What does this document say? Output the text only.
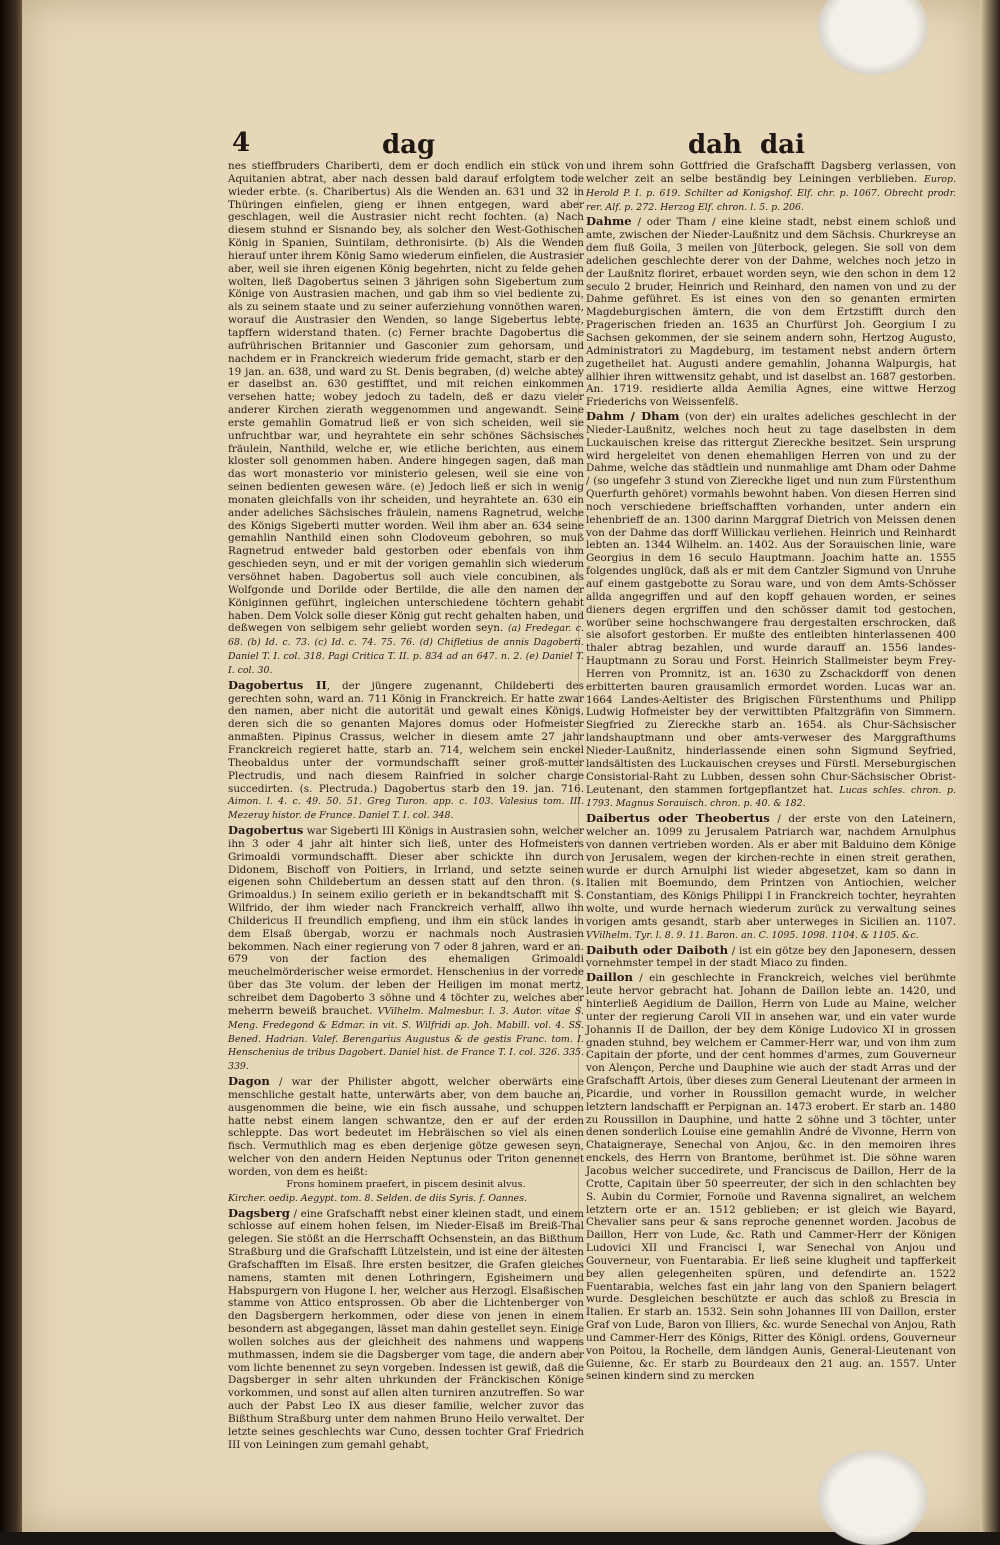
4	dag	dah dai

nes stieffbruders Chariberti, dem er doch endlich ein stück von Aquitanien abtrat, aber nach dessen bald darauf erfolgtem tode wieder erbte. (s. Charibertus) Als die Wenden an. 631 und 32 in Thüringen einfielen, gieng er ihnen entgegen, ward aber geschlagen, weil die Austrasier nicht recht fochten. (a) Nach diesem stuhnd er Sisnando bey, als solcher den West-Gothischen König in Spanien, Suintilam, dethronisirte. (b) Als die Wenden hierauf unter ihrem König Samo wiederum einfielen, die Austrasier aber, weil sie ihren eigenen König begehrten, nicht zu felde gehen wolten, ließ Dagobertus seinen 3 jährigen sohn Sigebertum zum Könige von Austrasien machen, und gab ihm so viel bediente zu, als zu seinem staate und zu seiner auferziehung vonnöthen waren, worauf die Austrasier den Wenden, so lange Sigebertus lebte, tapffern widerstand thaten. (c) Ferner brachte Dagobertus die aufrührischen Britannier und Gasconier zum gehorsam, und nachdem er in Franckreich wiederum fride gemacht, starb er den 19 jan. an. 638, und ward zu St. Denis begraben, (d) welche abtey er daselbst an. 630 gestifftet, und mit reichen einkommen versehen hatte; wobey jedoch zu tadeln, deß er dazu vieler anderer Kirchen zierath weggenommen und angewandt. Seine erste gemahlin Gomatrud ließ er von sich scheiden, weil sie unfruchtbar war, und heyrahtete ein sehr schönes Sächsisches fräulein, Nanthild, welche er, wie etliche berichten, aus einem kloster soll genommen haben. Andere hingegen sagen, daß man das wort monasterio vor ministerio gelesen, weil sie eine von seinen bedienten gewesen wäre. (e) Jedoch ließ er sich in wenig monaten gleichfalls von ihr scheiden, und heyrahtete an. 630 ein ander adeliches Sächsisches fräulein, namens Ragnetrud, welche des Königs Sigeberti mutter worden. Weil ihm aber an. 634 seine gemahlin Nanthild einen sohn Clodoveum gebohren, so muß Ragnetrud entweder bald gestorben oder ebenfals von ihm geschieden seyn, und er mit der vorigen gemahlin sich wiederum versöhnet haben. Dagobertus soll auch viele concubinen, als Wolfgonde und Dorilde oder Bertilde, die alle den namen der Königinnen geführt, ingleichen unterschiedene töchtern gehabt haben. Dem Volck solle dieser König gut recht gehalten haben, und deßwegen von selbigem sehr geliebt worden seyn. (a) Fredegar. c. 68. (b) Id. c. 73. (c) Id. c. 74. 75. 76. (d) Chifletius de annis Dagoberti. Daniel T. I. col. 318. Pagi Critica T. II. p. 834 ad an 647. n. 2. (e) Daniel T. I. col. 30.

Dagobertus II, der jüngere zugenannt, Childeberti des gerechten sohn, ward an. 711 König in Franckreich. Er hatte zwar den namen, aber nicht die autorität und gewalt eines Königs, deren sich die so genanten Majores domus oder Hofmeister anmaßten. Pipinus Crassus, welcher in diesem amte 27 jahr Franckreich regieret hatte, starb an. 714, welchem sein enckel Theobaldus unter der vormundschafft seiner groß-mutter Plectrudis, und nach diesem Rainfried in solcher charge succedirten. (s. Plectruda.) Dagobertus starb den 19. jan. 716. Aimon. l. 4. c. 49. 50. 51. Greg Turon. app. c. 103. Valesius tom. III. Mezeray histor. de France. Daniel T. I. col. 348.

Dagobertus war Sigeberti III Königs in Austrasien sohn, welcher ihn 3 oder 4 jahr alt hinter sich ließ, unter des Hofmeisters Grimoaldi vormundschafft. Dieser aber schickte ihn durch Didonem, Bischoff von Poitiers, in Irrland, und setzte seinen eigenen sohn Childebertum an dessen statt auf den thron. (s. Grimoaldus.) In seinem exilio gerieth er in bekandtschafft mit S. Wilfrido, der ihm wieder nach Franckreich verhalff, allwo ihn Childericus II freundlich empfieng, und ihm ein stück landes in dem Elsaß übergab, worzu er nachmals noch Austrasien bekommen. Nach einer regierung von 7 oder 8 jahren, ward er an. 679 von der faction des ehemaligen Grimoaldi meuchelmörderischer weise ermordet. Henschenius in der vorrede über das 3te volum. der leben der Heiligen im monat mertz, schreibet dem Dagoberto 3 söhne und 4 töchter zu, welches aber meherrn beweiß brauchet. VVilhelm. Malmesbur. l. 3. Autor. vitae S. Meng. Fredegond & Edmar. in vit. S. Wilfridi ap. Joh. Mabill. vol. 4. SS. Bened. Hadrian. Valef. Berengarius Augustus & de gestis Franc. tom. I. Henschenius de tribus Dagobert. Daniel hist. de France T. I. col. 326. 335. 339.

Dagon / war der Philister abgott, welcher oberwärts eine menschliche gestalt hatte, unterwärts aber, von dem bauche an, ausgenommen die beine, wie ein fisch aussahe, und schuppen hatte nebst einem langen schwantze, den er auf der erden schleppte. Das wort bedeutet im Hebräischen so viel als einen fisch. Vermuthlich mag es eben derjenige götze gewesen seyn, welcher von den andern Heiden Neptunus oder Triton genennet worden, von dem es heißt:
Frons hominem praefert, in piscem desinit alvus.
Kircher. oedip. Aegypt. tom. 8. Selden. de diis Syris. f. Oannes.

Dagsberg / eine Grafschafft nebst einer kleinen stadt, und einem schlosse auf einem hohen felsen, im Nieder-Elsaß im Breiß-Thal gelegen. Sie stößt an die Herrschafft Ochsenstein, an das Bißthum Straßburg und die Grafschafft Lützelstein, und ist eine der ältesten Grafschafften im Elsaß. Ihre ersten besitzer, die Grafen gleiches namens, stamten mit denen Lothringern, Egisheimern und Habspurgern von Hugone I. her, welcher aus Herzogl. Elsaßischen stamme von Attico entsprossen. Ob aber die Lichtenberger von den Dagsbergern herkommen, oder diese von jenen in einem besondern ast abgegangen, lässet man dahin gestellet seyn. Einige wollen solches aus der gleichheit des nahmens und wappens muthmassen, indem sie die Dagsberger vom tage, die andern aber vom lichte benennet zu seyn vorgeben. Indessen ist gewiß, daß die Dagsberger in sehr alten uhrkunden der Fränckischen Könige vorkommen, und sonst auf allen alten turniren anzutreffen. So war auch der Pabst Leo IX aus dieser familie, welcher zuvor das Bißthum Straßburg unter dem nahmen Bruno Heilo verwaltet. Der letzte seines geschlechts war Cuno, dessen tochter Graf Friedrich III von Leiningen zum gemahl gehabt,

und ihrem sohn Gottfried die Grafschafft Dagsberg verlassen, von welcher zeit an selbe beständig bey Leiningen verblieben. Europ. Herold P. I. p. 619. Schilter ad Konigshof. Elf. chr. p. 1067. Obrecht prodr. rer. Alf. p. 272. Herzog Elf. chron. l. 5. p. 206.

Dahme / oder Tham / eine kleine stadt, nebst einem schloß und amte, zwischen der Nieder-Laußnitz und dem Sächsis. Churkreyse an dem fluß Goila, 3 meilen von Jüterbock, gelegen. Sie soll von dem adelichen geschlechte derer von der Dahme, welches noch jetzo in der Laußnitz floriret, erbauet worden seyn, wie den schon in dem 12 seculo 2 bruder, Heinrich und Reinhard, den namen von und zu der Dahme geführet. Es ist eines von den so genanten ermirten Magdeburgischen ämtern, die von dem Ertzstifft durch den Pragerischen frieden an. 1635 an Churfürst Joh. Georgium I zu Sachsen gekommen, der sie seinem andern sohn, Hertzog Augusto, Administratori zu Magdeburg, im testament nebst andern örtern zugetheilet hat. Augusti andere gemahlin, Johanna Walpurgis, hat allhier ihren wittwensitz gehabt, und ist daselbst an. 1687 gestorben. An. 1719. residierte allda Aemilia Agnes, eine wittwe Herzog Friederichs von Weissenfelß.

Dahm / Dham (von der) ein uraltes adeliches geschlecht in der Nieder-Laußnitz, welches noch heut zu tage daselbsten in dem Luckauischen kreise das rittergut Ziereckhe besitzet. Sein ursprung wird hergeleitet von denen ehemahligen Herren von und zu der Dahme, welche das städtlein und nunmahlige amt Dham oder Dahme / (so ungefehr 3 stund von Ziereckhe liget und nun zum Fürstenthum Querfurth gehöret) vormahls bewohnt haben. Von diesen Herren sind noch verschiedene brieffschafften vorhanden, unter andern ein lehenbrieff de an. 1300 darinn Marggraf Dietrich von Meissen denen von der Dahme das dorff Willickau verliehen. Heinrich und Reinhardt lebten an. 1344 Wilhelm. an. 1402. Aus der Sorauischen linie, ware Georgius in dem 16 seculo Hauptmann. Joachim hatte an. 1555 folgendes unglück, daß als er mit dem Cantzler Sigmund von Unruhe auf einem gastgebotte zu Sorau ware, und von dem Amts-Schösser allda angegriffen und auf den kopff gehauen worden, er seines dieners degen ergriffen und den schösser damit tod gestochen, worüber seine hochschwangere frau dergestalten erschrocken, daß sie alsofort gestorben. Er mußte des entleibten hinterlassenen 400 thaler abtrag bezahlen, und wurde darauff an. 1556 landes-Hauptmann zu Sorau und Forst. Heinrich Stallmeister beym Frey-Herren von Promnitz, ist an. 1630 zu Zschackdorff von denen erbitterten bauren grausamlich ermordet worden. Lucas war an. 1664 Landes-Aeltister des Brigischen Fürstenthums und Philipp Ludwig Hofmeister bey der verwittibten Pfaltzgräfin von Simmern. Siegfried zu Ziereckhe starb an. 1654. als Chur-Sächsischer landshauptmann und ober amts-verweser des Marggrafthums Nieder-Laußnitz, hinderlassende einen sohn Sigmund Seyfried, landsältisten des Luckauischen creyses und Fürstl. Merseburgischen Consistorial-Raht zu Lubben, dessen sohn Chur-Sächsischer Obrist-Leutenant, den stammen fortgepflantzet hat. Lucas schles. chron. p. 1793. Magnus Sorauisch. chron. p. 40. & 182.

Daibertus oder Theobertus / der erste von den Lateinern, welcher an. 1099 zu Jerusalem Patriarch war, nachdem Arnulphus von dannen vertrieben worden. Als er aber mit Balduino dem Könige von Jerusalem, wegen der kirchen-rechte in einen streit gerathen, wurde er durch Arnulphi list wieder abgesetzet, kam so dann in Italien mit Boemundo, dem Printzen von Antiochien, welcher Constantiam, des Königs Philippi I in Franckreich tochter, heyrahten wolte, und wurde hernach wiederum zurück zu verwaltung seines vorigen amts gesandt, starb aber unterweges in Sicilien an. 1107. VVilhelm. Tyr. l. 8. 9. 11. Baron. an. C. 1095. 1098. 1104. & 1105. &c.

Daibuth oder Daiboth / ist ein götze bey den Japonesern, dessen vornehmster tempel in der stadt Miaco zu finden.

Daillon / ein geschlechte in Franckreich, welches viel berühmte leute hervor gebracht hat. Johann de Daillon lebte an. 1420, und hinterließ Aegidium de Daillon, Herrn von Lude au Maine, welcher unter der regierung Caroli VII in ansehen war, und ein vater wurde Johannis II de Daillon, der bey dem Könige Ludovico XI in grossen gnaden stuhnd, bey welchem er Cammer-Herr war, und von ihm zum Capitain der pforte, und der cent hommes d'armes, zum Gouverneur von Alençon, Perche und Dauphine wie auch der stadt Arras und der Grafschafft Artois, über dieses zum General Lieutenant der armeen in Picardie, und vorher in Roussillon gemacht wurde, in welcher letztern landschafft er Perpignan an. 1473 erobert. Er starb an. 1480 zu Roussillon in Dauphine, und hatte 2 söhne und 3 töchter, unter denen sonderlich Louise eine gemahlin André de Vivonne, Herrn von Chataigneraye, Senechal von Anjou, &c. in den memoiren ihres enckels, des Herrn von Brantome, berühmet ist. Die söhne waren Jacobus welcher succedirete, und Franciscus de Daillon, Herr de la Crotte, Capitain über 50 speerreuter, der sich in den schlachten bey S. Aubin du Cormier, Fornoüe und Ravenna signaliret, an welchem letztern orte er an. 1512 geblieben; er ist gleich wie Bayard, Chevalier sans peur & sans reproche genennet worden. Jacobus de Daillon, Herr von Lude, &c. Rath und Cammer-Herr der Königen Ludovici XII und Francisci I, war Senechal von Anjou und Gouverneur, von Fuentarabia. Er ließ seine klugheit und tapfferkeit bey allen gelegenheiten spüren, und defendirte an. 1522 Fuentarabia, welches fast ein jahr lang von den Spaniern belagert wurde. Desgleichen beschützte er auch das schloß zu Brescia in Italien. Er starb an. 1532. Sein sohn Johannes III von Daillon, erster Graf von Lude, Baron von Illiers, &c. wurde Senechal von Anjou, Rath und Cammer-Herr des Königs, Ritter des Königl. ordens, Gouverneur von Poitou, la Rochelle, dem ländgen Aunis, General-Lieutenant von Guienne, &c. Er starb zu Bourdeaux den 21 aug. an. 1557. Unter seinen kindern sind zu mercken
